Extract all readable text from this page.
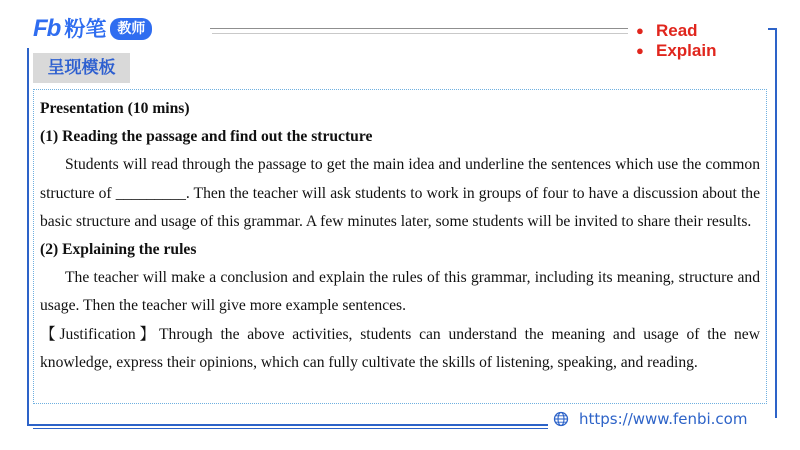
Fb 粉笔 教师
呈现模板
● Read
● Explain

Presentation (10 mins)

(1) Reading the passage and find out the structure

Students will read through the passage to get the main idea and underline the sentences which use the common structure of _________. Then the teacher will ask students to work in groups of four to have a discussion about the basic structure and usage of this grammar. A few minutes later, some students will be invited to share their results.

(2) Explaining the rules

The teacher will make a conclusion and explain the rules of this grammar, including its meaning, structure and usage. Then the teacher will give more example sentences.

【Justification】Through the above activities, students can understand the meaning and usage of the new knowledge, express their opinions, which can fully cultivate the skills of listening, speaking, and reading.

https://www.fenbi.com
